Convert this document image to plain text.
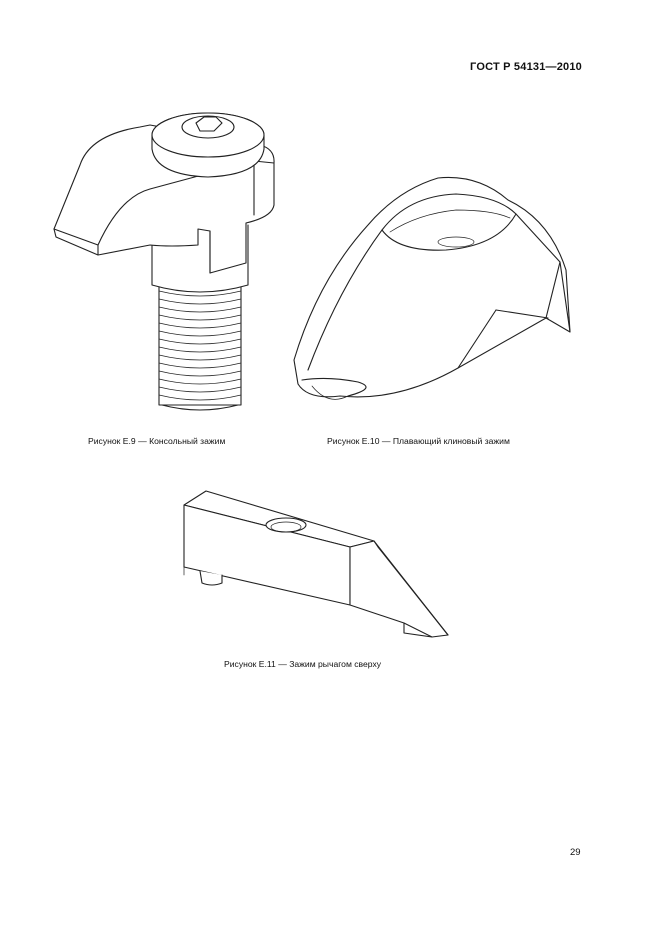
ГОСТ Р 54131—2010
Рисунок Е.9 — Консольный зажим	Рисунок Е.10 — Плавающий клиновый зажим
Рисунок Е.11 — Зажим рычагом сверху
29
